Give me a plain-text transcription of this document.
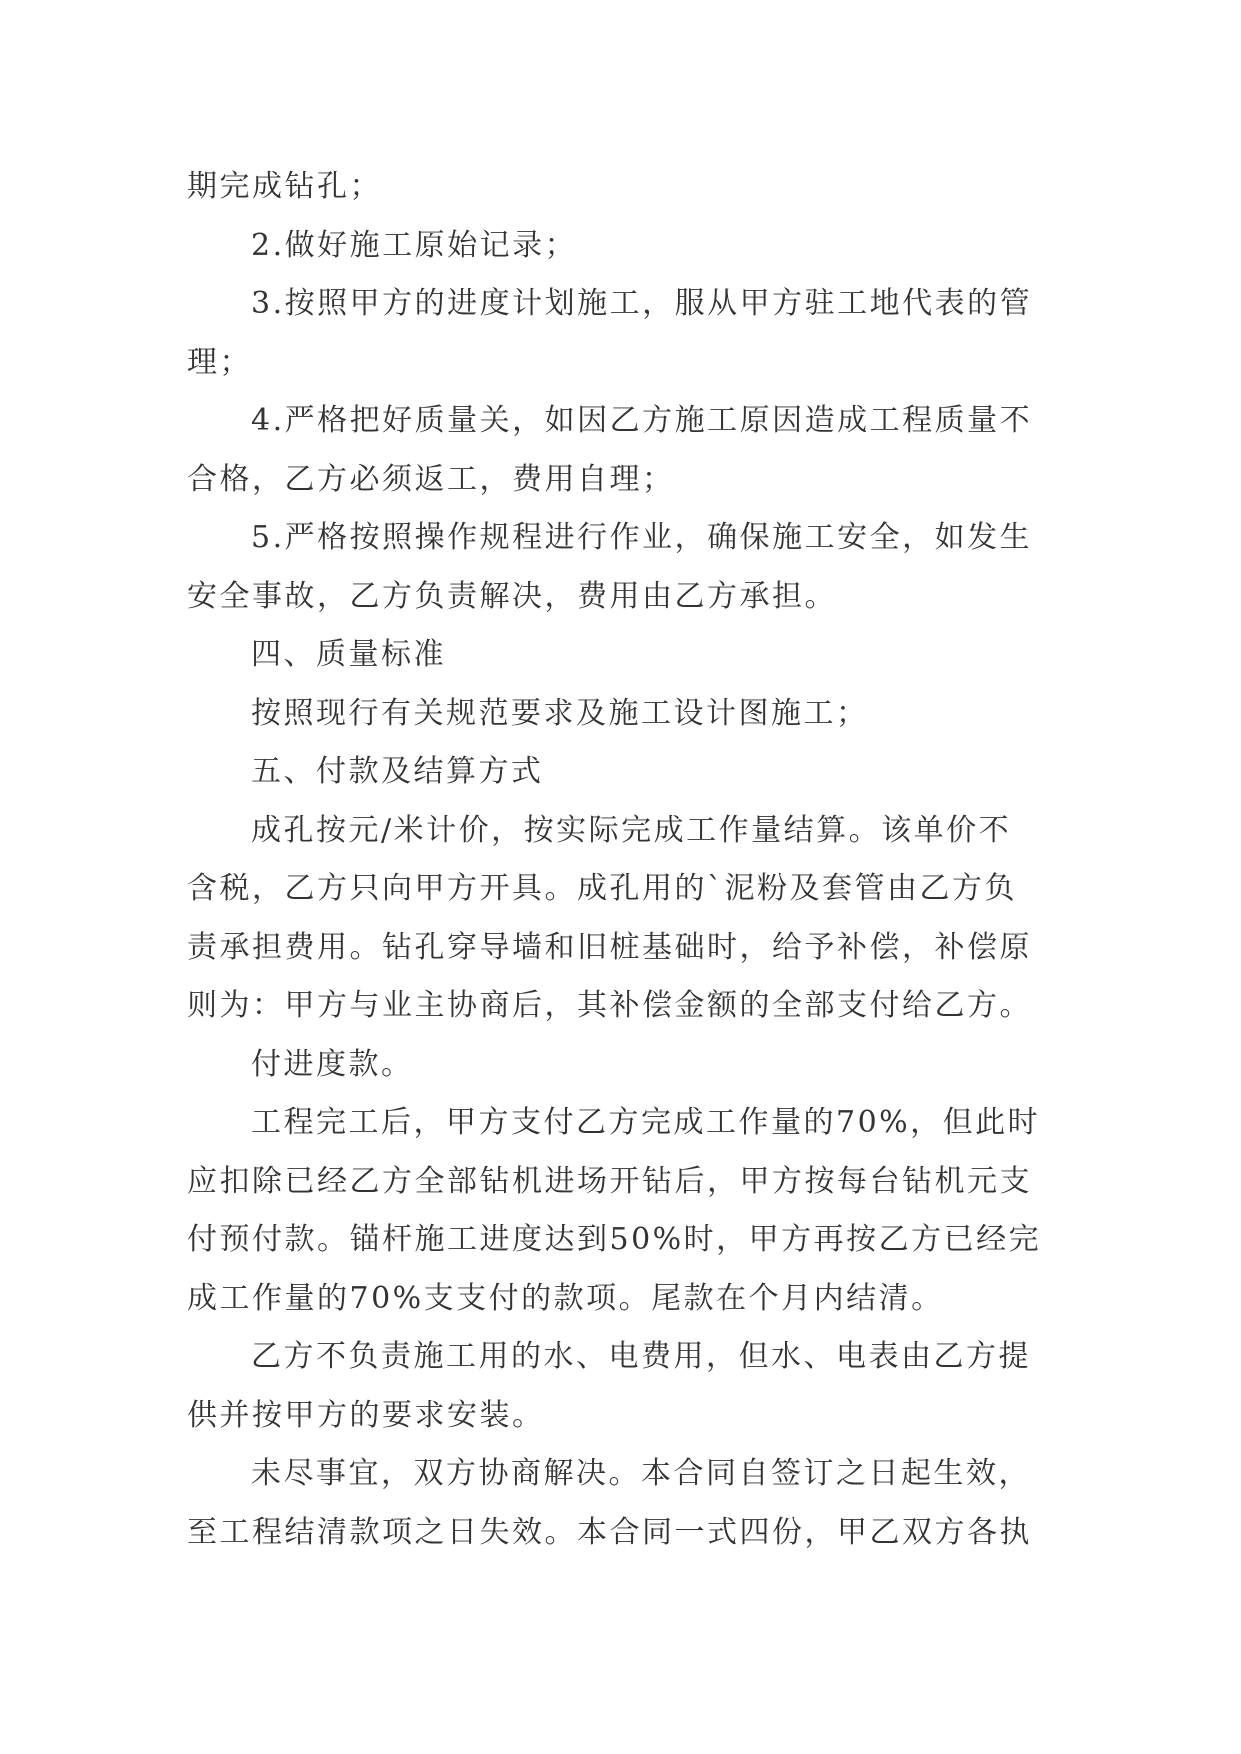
期完成钻孔；
2.做好施工原始记录；
3.按照甲方的进度计划施工，服从甲方驻工地代表的管
理；
4.严格把好质量关，如因乙方施工原因造成工程质量不
合格，乙方必须返工，费用自理；
5.严格按照操作规程进行作业，确保施工安全，如发生
安全事故，乙方负责解决，费用由乙方承担。
四、质量标准
按照现行有关规范要求及施工设计图施工；
五、付款及结算方式
成孔按元/米计价，按实际完成工作量结算。该单价不
含税，乙方只向甲方开具。成孔用的`泥粉及套管由乙方负
责承担费用。钻孔穿导墙和旧桩基础时，给予补偿，补偿原
则为：甲方与业主协商后，其补偿金额的全部支付给乙方。
付进度款。
工程完工后，甲方支付乙方完成工作量的70%，但此时
应扣除已经乙方全部钻机进场开钻后，甲方按每台钻机元支
付预付款。锚杆施工进度达到50%时，甲方再按乙方已经完
成工作量的70%支支付的款项。尾款在个月内结清。
乙方不负责施工用的水、电费用，但水、电表由乙方提
供并按甲方的要求安装。
未尽事宜，双方协商解决。本合同自签订之日起生效，
至工程结清款项之日失效。本合同一式四份，甲乙双方各执
